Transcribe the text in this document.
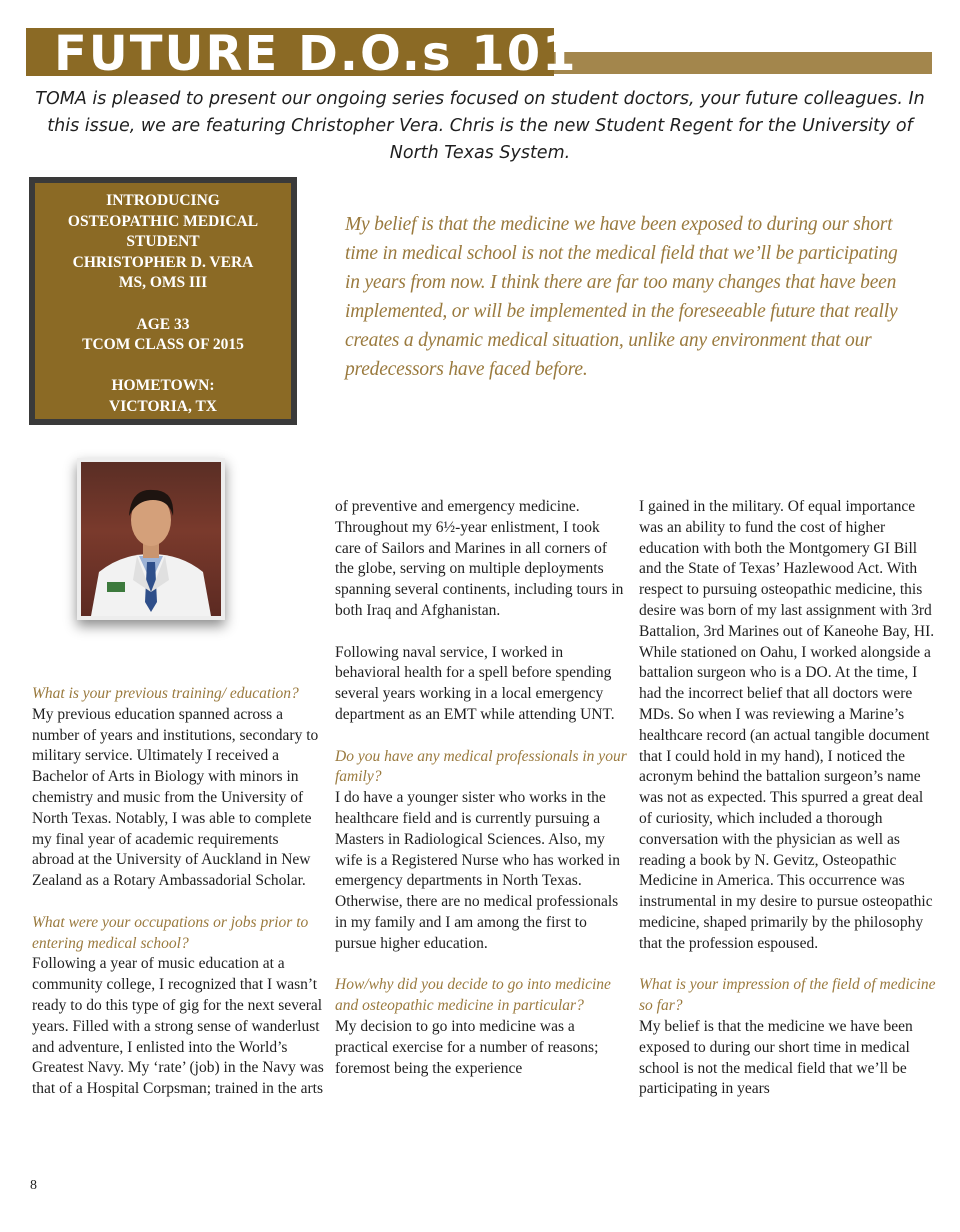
FUTURE D.O.s 101
TOMA is pleased to present our ongoing series focused on student doctors, your future colleagues. In this issue, we are featuring Christopher Vera. Chris is the new Student Regent for the University of North Texas System.
INTRODUCING
OSTEOPATHIC MEDICAL
STUDENT
CHRISTOPHER D. VERA
MS, OMS III
AGE 33
TCOM CLASS OF 2015
HOMETOWN:
VICTORIA, TX
My belief is that the medicine we have been exposed to during our short time in medical school is not the medical field that we’ll be participating in years from now. I think there are far too many changes that have been implemented, or will be implemented in the foreseeable future that really creates a dynamic medical situation, unlike any environment that our predecessors have faced before.

What is your previous training/ education?

My previous education spanned across a number of years and institutions, secondary to military service. Ultimately I received a Bachelor of Arts in Biology with minors in chemistry and music from the University of North Texas. Notably, I was able to complete my final year of academic requirements abroad at the University of Auckland in New Zealand as a Rotary Ambassadorial Scholar.

What were your occupations or jobs prior to entering medical school?

Following a year of music education at a community college, I recognized that I wasn’t ready to do this type of gig for the next several years. Filled with a strong sense of wanderlust and adventure, I enlisted into the World’s Greatest Navy. My ‘rate’ (job) in the Navy was that of a Hospital Corpsman; trained in the arts

of preventive and emergency medicine. Throughout my 6½-year enlistment, I took care of Sailors and Marines in all corners of the globe, serving on multiple deployments spanning several continents, including tours in both Iraq and Afghanistan.

Following naval service, I worked in behavioral health for a spell before spending several years working in a local emergency department as an EMT while attending UNT.

Do you have any medical professionals in your family?

I do have a younger sister who works in the healthcare field and is currently pursuing a Masters in Radiological Sciences. Also, my wife is a Registered Nurse who has worked in emergency departments in North Texas. Otherwise, there are no medical professionals in my family and I am among the first to pursue higher education.

How/why did you decide to go into medicine and osteopathic medicine in particular?

My decision to go into medicine was a practical exercise for a number of reasons; foremost being the experience

I gained in the military. Of equal importance was an ability to fund the cost of higher education with both the Montgomery GI Bill and the State of Texas’ Hazlewood Act. With respect to pursuing osteopathic medicine, this desire was born of my last assignment with 3rd Battalion, 3rd Marines out of Kaneohe Bay, HI. While stationed on Oahu, I worked alongside a battalion surgeon who is a DO. At the time, I had the incorrect belief that all doctors were MDs. So when I was reviewing a Marine’s healthcare record (an actual tangible document that I could hold in my hand), I noticed the acronym behind the battalion surgeon’s name was not as expected. This spurred a great deal of curiosity, which included a thorough conversation with the physician as well as reading a book by N. Gevitz, Osteopathic Medicine in America. This occurrence was instrumental in my desire to pursue osteopathic medicine, shaped primarily by the philosophy that the profession espoused.

What is your impression of the field of medicine so far?

My belief is that the medicine we have been exposed to during our short time in medical school is not the medical field that we’ll be participating in years

8
